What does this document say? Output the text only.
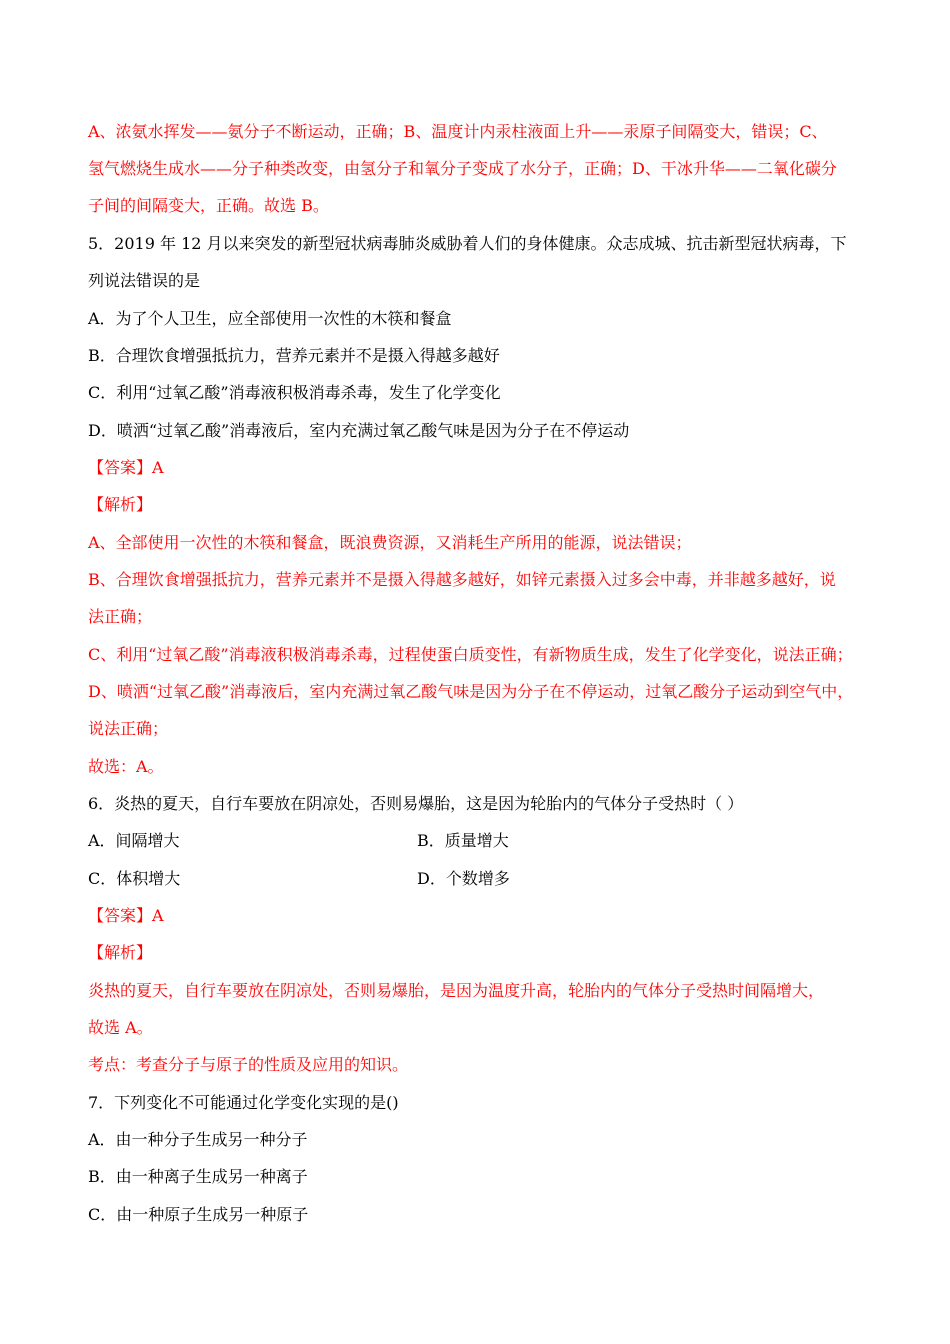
A、浓氨水挥发——氨分子不断运动，正确；B、温度计内汞柱液面上升——汞原子间隔变大，错误；C、
氢气燃烧生成水——分子种类改变，由氢分子和氧分子变成了水分子，正确；D、干冰升华——二氧化碳分
子间的间隔变大，正确。故选 B。
5．2019 年 12 月以来突发的新型冠状病毒肺炎威胁着人们的身体健康。众志成城、抗击新型冠状病毒，下
列说法错误的是
A．为了个人卫生，应全部使用一次性的木筷和餐盒
B．合理饮食增强抵抗力，营养元素并不是摄入得越多越好
C．利用“过氧乙酸”消毒液积极消毒杀毒，发生了化学变化
D．喷洒“过氧乙酸”消毒液后，室内充满过氧乙酸气味是因为分子在不停运动
【答案】A
【解析】
A、全部使用一次性的木筷和餐盒，既浪费资源，又消耗生产所用的能源，说法错误；
B、合理饮食增强抵抗力，营养元素并不是摄入得越多越好，如锌元素摄入过多会中毒，并非越多越好，说
法正确；
C、利用“过氧乙酸”消毒液积极消毒杀毒，过程使蛋白质变性，有新物质生成，发生了化学变化，说法正确；
D、喷洒“过氧乙酸”消毒液后，室内充满过氧乙酸气味是因为分子在不停运动，过氧乙酸分子运动到空气中，
说法正确；
故选：A。
6．炎热的夏天，自行车要放在阴凉处，否则易爆胎，这是因为轮胎内的气体分子受热时（ ）
A．间隔增大	B．质量增大
C．体积增大	D．个数增多
【答案】A
【解析】
炎热的夏天，自行车要放在阴凉处，否则易爆胎，是因为温度升高，轮胎内的气体分子受热时间隔增大，
故选 A。
考点：考查分子与原子的性质及应用的知识。
7．下列变化不可能通过化学变化实现的是()
A．由一种分子生成另一种分子
B．由一种离子生成另一种离子
C．由一种原子生成另一种原子
